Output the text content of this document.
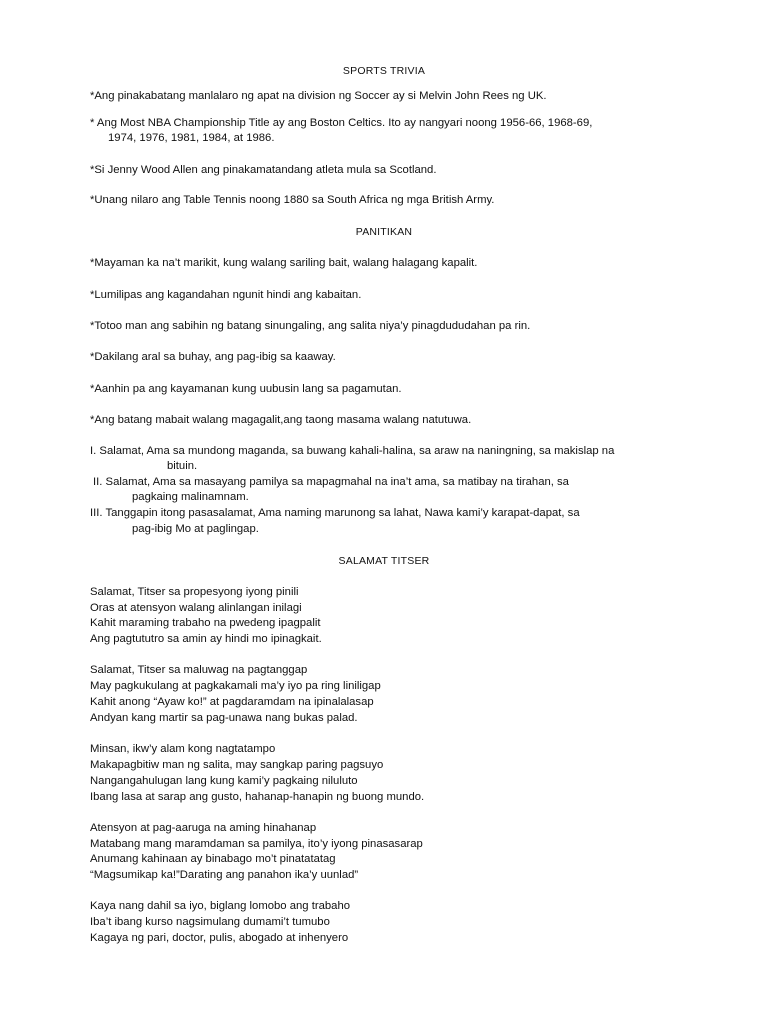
SPORTS TRIVIA
*Ang pinakabatang manlalaro ng apat na division ng Soccer ay si Melvin John Rees ng UK.
* Ang Most NBA Championship Title ay ang Boston Celtics. Ito ay nangyari noong 1956-66, 1968-69,
1974, 1976, 1981, 1984, at 1986.
*Si Jenny Wood Allen ang pinakamatandang atleta mula sa Scotland.
*Unang nilaro ang Table Tennis noong 1880 sa South Africa ng mga British Army.
PANITIKAN
*Mayaman ka na’t marikit, kung walang sariling bait, walang halagang kapalit.
*Lumilipas ang kagandahan ngunit hindi ang kabaitan.
*Totoo man ang sabihin ng batang sinungaling, ang salita niya’y pinagdududahan pa rin.
*Dakilang aral sa buhay, ang pag-ibig sa kaaway.
*Aanhin pa ang kayamanan kung uubusin lang sa pagamutan.
*Ang batang mabait walang magagalit,ang taong masama walang natutuwa.
I. Salamat, Ama sa mundong maganda, sa buwang kahali-halina, sa araw na naningning, sa makislap na
bituin.
II. Salamat, Ama sa masayang pamilya sa mapagmahal na ina’t ama, sa matibay na tirahan, sa
pagkaing malinamnam.
III. Tanggapin itong pasasalamat, Ama naming marunong sa lahat, Nawa kami’y karapat-dapat, sa
pag-ibig Mo at paglingap.
SALAMAT TITSER
Salamat, Titser sa propesyong iyong pinili
Oras at atensyon walang alinlangan inilagi
Kahit maraming trabaho na pwedeng ipagpalit
Ang pagtututro sa amin ay hindi mo ipinagkait.
Salamat, Titser sa maluwag na pagtanggap
May pagkukulang at pagkakamali ma’y iyo pa ring liniligap
Kahit anong “Ayaw ko!” at pagdaramdam na ipinalalasap
Andyan kang martir sa pag-unawa nang bukas palad.
Minsan, ikw’y alam kong nagtatampo
Makapagbitiw man ng salita, may sangkap paring pagsuyo
Nangangahulugan lang kung kami’y pagkaing niluluto
Ibang lasa at sarap ang gusto, hahanap-hanapin ng buong mundo.
Atensyon at pag-aaruga na aming hinahanap
Matabang mang maramdaman sa pamilya, ito’y iyong pinasasarap
Anumang kahinaan ay binabago mo’t pinatatatag
“Magsumikap ka!”Darating ang panahon ika’y uunlad”
Kaya nang dahil sa iyo, biglang lomobo ang trabaho
Iba’t ibang kurso nagsimulang dumami’t tumubo
Kagaya ng pari, doctor, pulis, abogado at inhenyero
